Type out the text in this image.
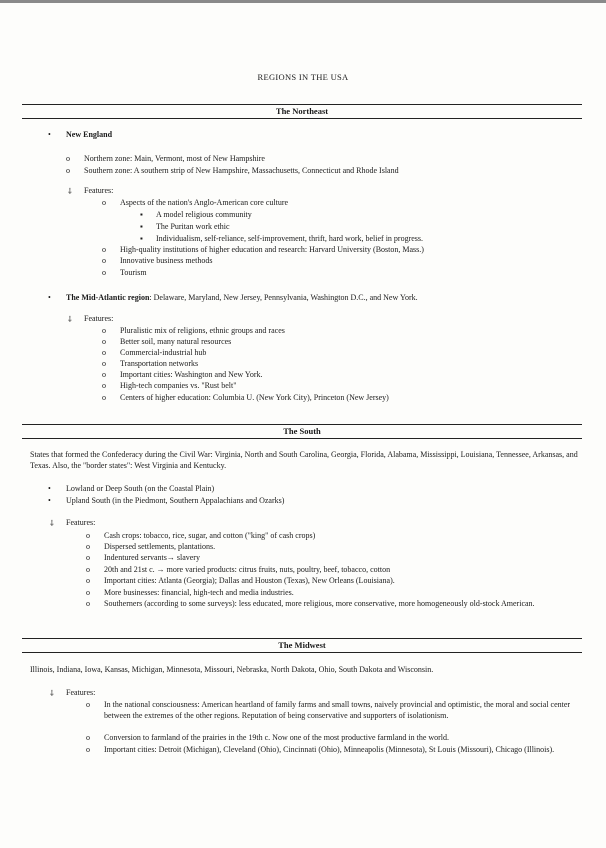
REGIONS IN THE USA
The Northeast
• New England
o Northern zone: Main, Vermont, most of New Hampshire
o Southern zone: A southern strip of New Hampshire, Massachusetts, Connecticut and Rhode Island
⸸ Features:
o Aspects of the nation's Anglo-American core culture
▪ A model religious community
▪ The Puritan work ethic
▪ Individualism, self-reliance, self-improvement, thrift, hard work, belief in progress.
o High-quality institutions of higher education and research: Harvard University (Boston, Mass.)
o Innovative business methods
o Tourism
• The Mid-Atlantic region: Delaware, Maryland, New Jersey, Pennsylvania, Washington D.C., and New York.
⸸ Features:
o Pluralistic mix of religions, ethnic groups and races
o Better soil, many natural resources
o Commercial-industrial hub
o Transportation networks
o Important cities: Washington and New York.
o High-tech companies vs. "Rust belt"
o Centers of higher education: Columbia U. (New York City), Princeton (New Jersey)
The South
States that formed the Confederacy during the Civil War: Virginia, North and South Carolina, Georgia, Florida, Alabama, Mississippi, Louisiana, Tennessee, Arkansas, and Texas. Also, the "border states": West Virginia and Kentucky.
• Lowland or Deep South (on the Coastal Plain)
• Upland South (in the Piedmont, Southern Appalachians and Ozarks)
⸸ Features:
o Cash crops: tobacco, rice, sugar, and cotton ("king" of cash crops)
o Dispersed settlements, plantations.
o Indentured servants→ slavery
o 20th and 21st c. → more varied products: citrus fruits, nuts, poultry, beef, tobacco, cotton
o Important cities: Atlanta (Georgia); Dallas and Houston (Texas), New Orleans (Louisiana).
o More businesses: financial, high-tech and media industries.
o Southerners (according to some surveys): less educated, more religious, more conservative, more homogeneously old-stock American.
The Midwest
Illinois, Indiana, Iowa, Kansas, Michigan, Minnesota, Missouri, Nebraska, North Dakota, Ohio, South Dakota and Wisconsin.
⸸ Features:
o In the national consciousness: American heartland of family farms and small towns, naively provincial and optimistic, the moral and social center between the extremes of the other regions. Reputation of being conservative and supporters of isolationism.
o Conversion to farmland of the prairies in the 19th c. Now one of the most productive farmland in the world.
o Important cities: Detroit (Michigan), Cleveland (Ohio), Cincinnati (Ohio), Minneapolis (Minnesota), St Louis (Missouri), Chicago (Illinois).
